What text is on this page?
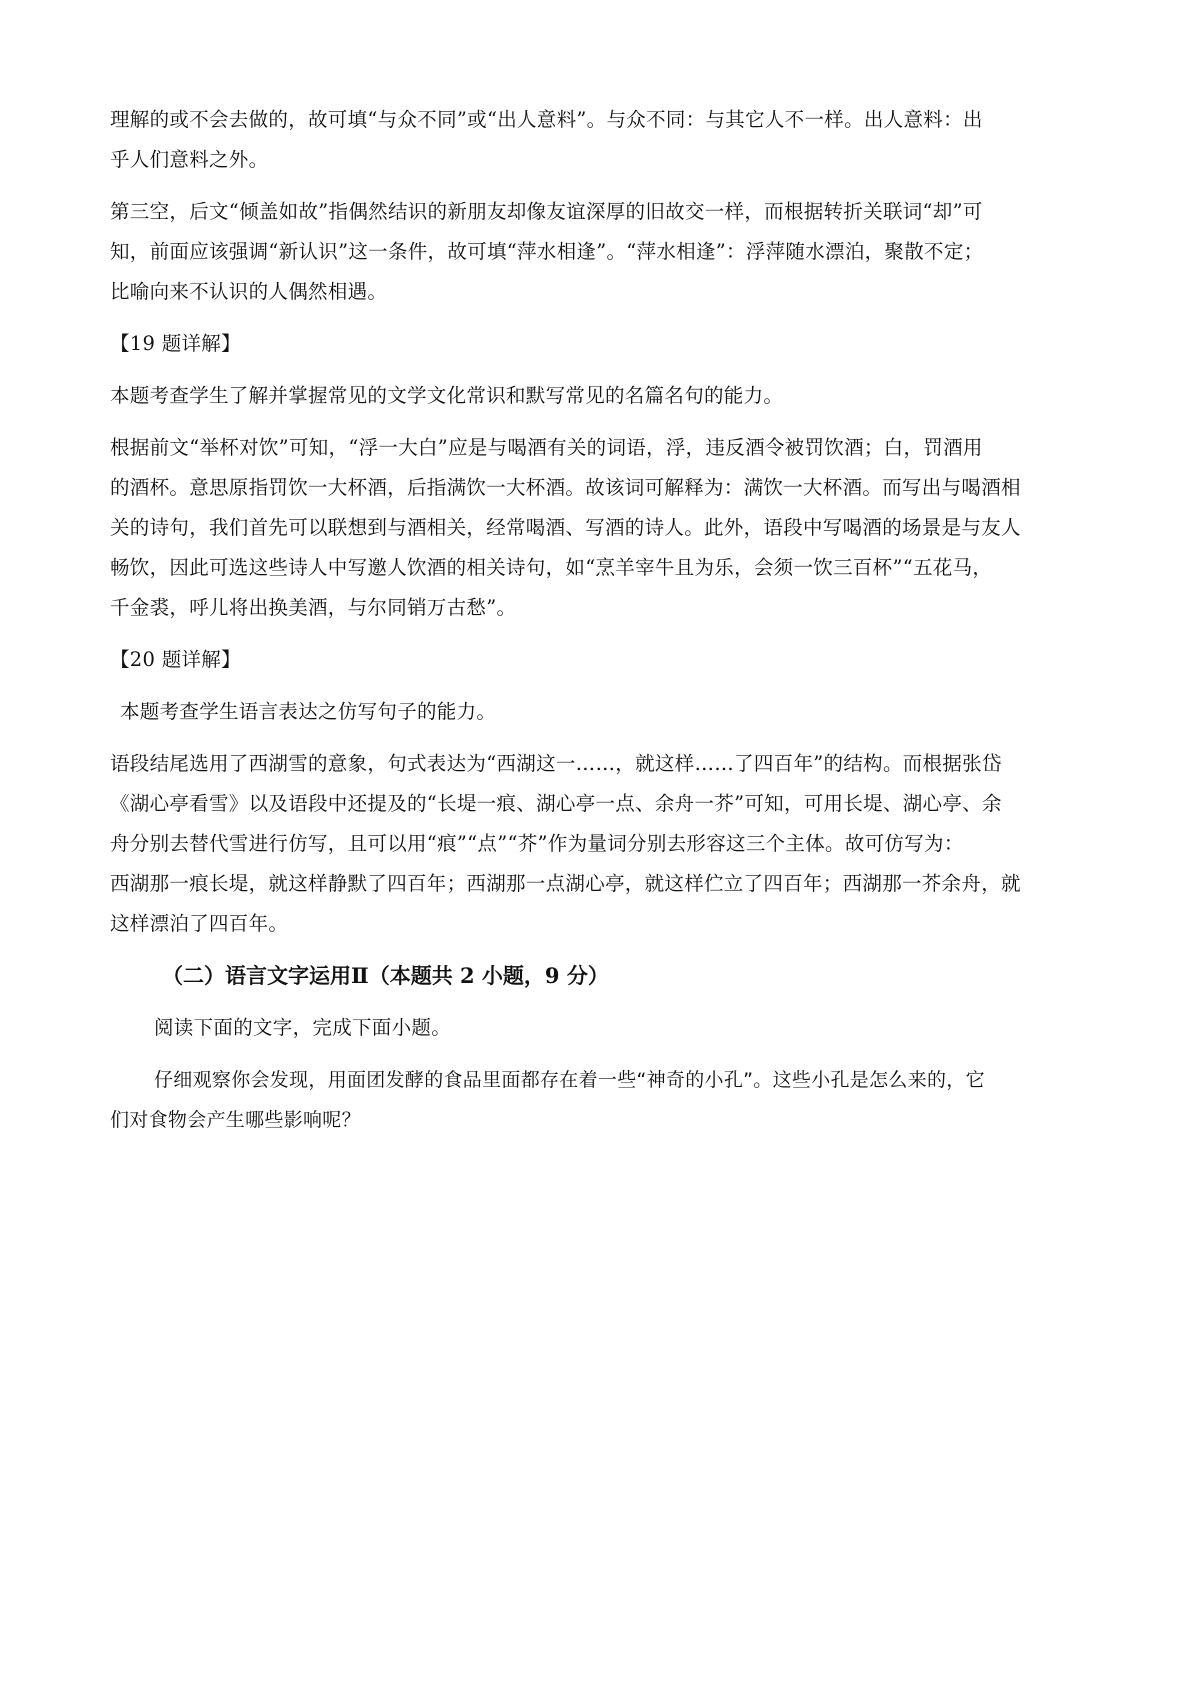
理解的或不会去做的，故可填“与众不同”或“出人意料”。与众不同：与其它人不一样。出人意料：出
乎人们意料之外。
第三空，后文“倾盖如故”指偶然结识的新朋友却像友谊深厚的旧故交一样，而根据转折关联词“却”可
知，前面应该强调“新认识”这一条件，故可填“萍水相逢”。“萍水相逢”：浮萍随水漂泊，聚散不定；
比喻向来不认识的人偶然相遇。
【19 题详解】
本题考查学生了解并掌握常见的文学文化常识和默写常见的名篇名句的能力。
根据前文“举杯对饮”可知，“浮一大白”应是与喝酒有关的词语，浮，违反酒令被罚饮酒；白，罚酒用
的酒杯。意思原指罚饮一大杯酒，后指满饮一大杯酒。故该词可解释为：满饮一大杯酒。而写出与喝酒相
关的诗句，我们首先可以联想到与酒相关，经常喝酒、写酒的诗人。此外，语段中写喝酒的场景是与友人
畅饮，因此可选这些诗人中写邀人饮酒的相关诗句，如“烹羊宰牛且为乐，会须一饮三百杯”“五花马，
千金裘，呼儿将出换美酒，与尔同销万古愁”。
【20 题详解】
本题考查学生语言表达之仿写句子的能力。
语段结尾选用了西湖雪的意象，句式表达为“西湖这一……，就这样……了四百年”的结构。而根据张岱
《湖心亭看雪》以及语段中还提及的“长堤一痕、湖心亭一点、余舟一芥”可知，可用长堤、湖心亭、余
舟分别去替代雪进行仿写，且可以用“痕”“点”“芥”作为量词分别去形容这三个主体。故可仿写为：
西湖那一痕长堤，就这样静默了四百年；西湖那一点湖心亭，就这样伫立了四百年；西湖那一芥余舟，就
这样漂泊了四百年。
（二）语言文字运用Ⅱ（本题共 2 小题，9 分）
阅读下面的文字，完成下面小题。
仔细观察你会发现，用面团发酵的食品里面都存在着一些“神奇的小孔”。这些小孔是怎么来的，它
们对食物会产生哪些影响呢？
